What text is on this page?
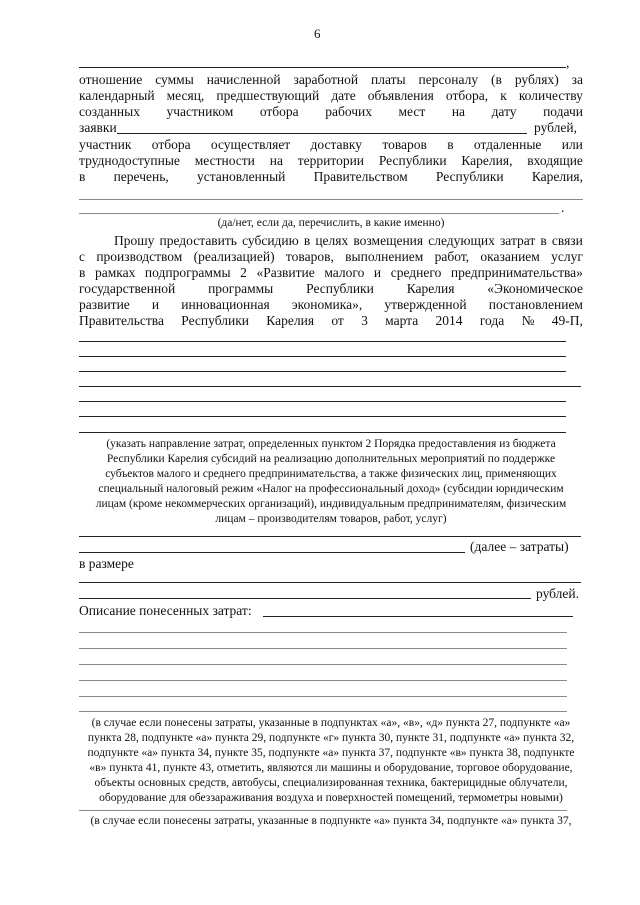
6
,
отношение суммы начисленной заработной платы персоналу (в рублях) за
календарный месяц, предшествующий дате объявления отбора, к количеству
созданных участником отбора рабочих мест на дату подачи
заявки	рублей,
участник отбора осуществляет доставку товаров в отдаленные или
труднодоступные местности на территории Республики Карелия, входящие
в перечень, установленный Правительством Республики Карелия,
.
(да/нет, если да, перечислить, в какие именно)
Прошу предоставить субсидию в целях возмещения следующих затрат в связи
с производством (реализацией) товаров, выполнением работ, оказанием услуг
в рамках подпрограммы 2 «Развитие малого и среднего предпринимательства»
государственной программы Республики Карелия «Экономическое
развитие и инновационная экономика», утвержденной постановлением
Правительства Республики Карелия от 3 марта 2014 года № 49-П,
(указать направление затрат, определенных пунктом 2 Порядка предоставления из бюджета
Республики Карелия субсидий на реализацию дополнительных мероприятий по поддержке
субъектов малого и среднего предпринимательства, а также физических лиц, применяющих
специальный налоговый режим «Налог на профессиональный доход» (субсидии юридическим
лицам (кроме некоммерческих организаций), индивидуальным предпринимателям, физическим
лицам – производителям товаров, работ, услуг)
(далее – затраты)
в размере
рублей.
Описание понесенных затрат:
(в случае если понесены затраты, указанные в подпунктах «а», «в», «д» пункта 27, подпункте «а»
пункта 28, подпункте «а» пункта 29, подпункте «г» пункта 30, пункте 31, подпункте «а» пункта 32,
подпункте «а» пункта 34, пункте 35, подпункте «а» пункта 37, подпункте «в» пункта 38, подпункте
«в» пункта 41, пункте 43, отметить, являются ли машины и оборудование, торговое оборудование,
объекты основных средств, автобусы, специализированная техника, бактерицидные облучатели,
оборудование для обеззараживания воздуха и поверхностей помещений, термометры новыми)
(в случае если понесены затраты, указанные в подпункте «а» пункта 34, подпункте «а» пункта 37,
